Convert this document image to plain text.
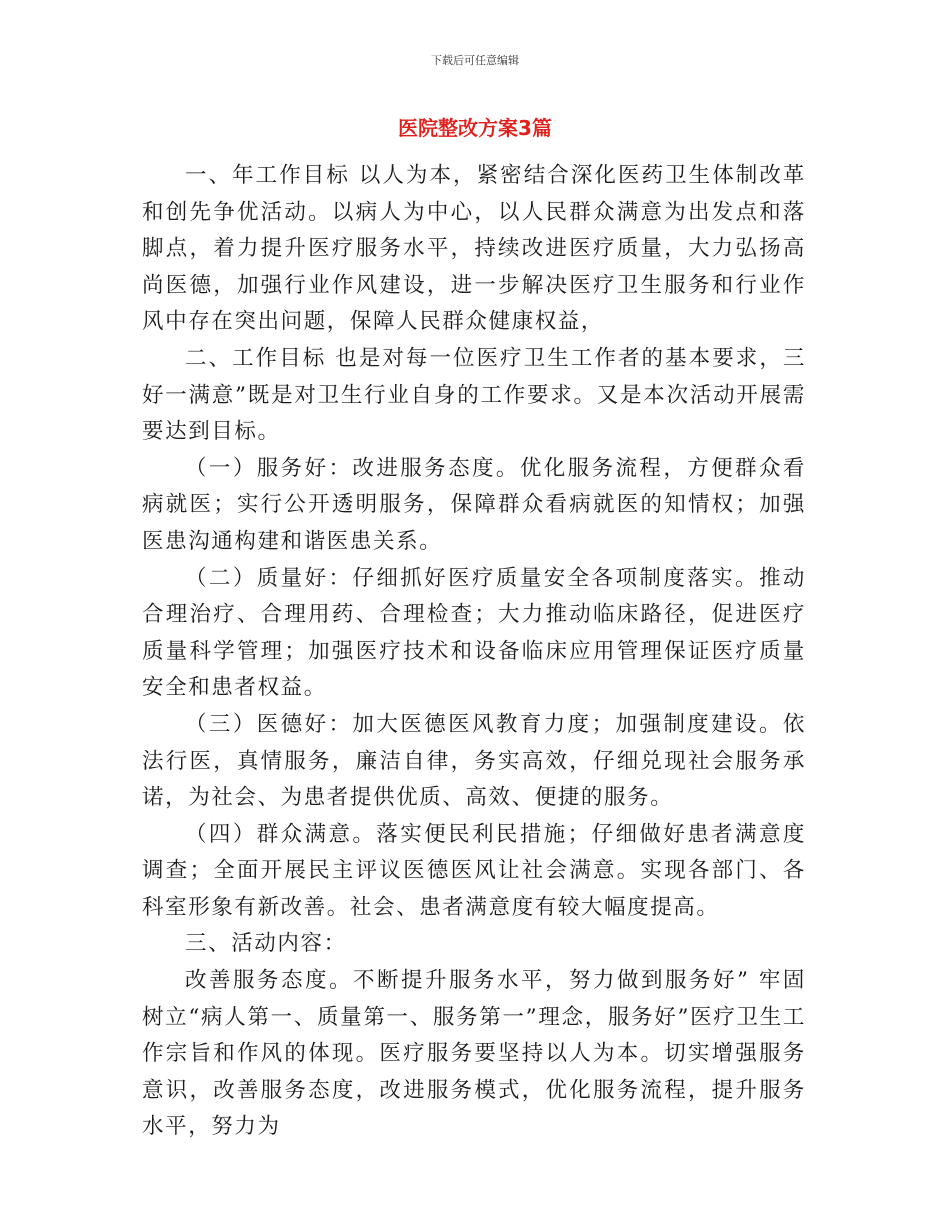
下载后可任意编辑
医院整改方案3篇

一、年工作目标 以人为本，紧密结合深化医药卫生体制改革和创先争优活动。以病人为中心，以人民群众满意为出发点和落脚点，着力提升医疗服务水平，持续改进医疗质量，大力弘扬高尚医德，加强行业作风建设，进一步解决医疗卫生服务和行业作风中存在突出问题，保障人民群众健康权益，

二、工作目标 也是对每一位医疗卫生工作者的基本要求，三好一满意”既是对卫生行业自身的工作要求。又是本次活动开展需要达到目标。

（一）服务好：改进服务态度。优化服务流程，方便群众看病就医；实行公开透明服务，保障群众看病就医的知情权；加强医患沟通构建和谐医患关系。

（二）质量好：仔细抓好医疗质量安全各项制度落实。推动合理治疗、合理用药、合理检查；大力推动临床路径，促进医疗质量科学管理；加强医疗技术和设备临床应用管理保证医疗质量安全和患者权益。

（三）医德好：加大医德医风教育力度；加强制度建设。依法行医，真情服务，廉洁自律，务实高效，仔细兑现社会服务承诺，为社会、为患者提供优质、高效、便捷的服务。

（四）群众满意。落实便民利民措施；仔细做好患者满意度调查；全面开展民主评议医德医风让社会满意。实现各部门、各科室形象有新改善。社会、患者满意度有较大幅度提高。

三、活动内容：

改善服务态度。不断提升服务水平，努力做到服务好” 牢固树立“病人第一、质量第一、服务第一”理念，服务好”医疗卫生工作宗旨和作风的体现。医疗服务要坚持以人为本。切实增强服务意识，改善服务态度，改进服务模式，优化服务流程，提升服务水平，努力为
